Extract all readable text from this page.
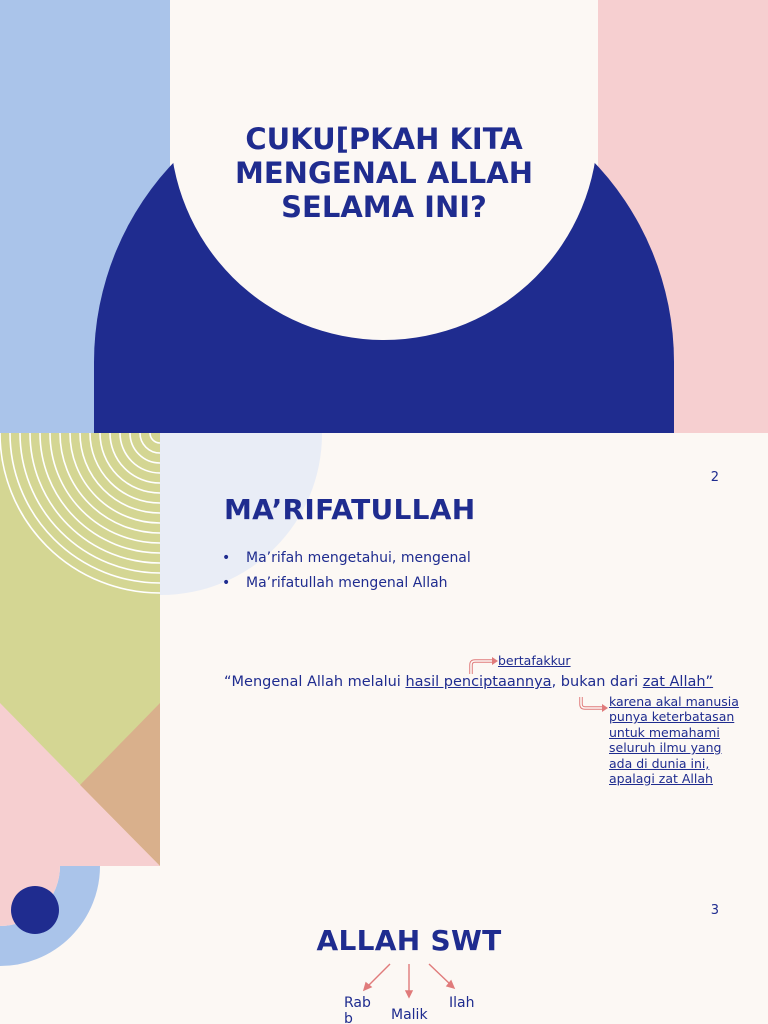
CUKU[PKAH KITA MENGENAL ALLAH SELAMA INI?
2
MA’RIFATULLAH
• Ma’rifah mengetahui, mengenal
• Ma’rifatullah mengenal Allah
bertafakkur
“Mengenal Allah melalui hasil penciptaannya, bukan dari zat Allah”
karena akal manusia punya keterbatasan untuk memahami seluruh ilmu yang ada di dunia ini, apalagi zat Allah
3
ALLAH SWT
Rabb	Malik
Ilah
